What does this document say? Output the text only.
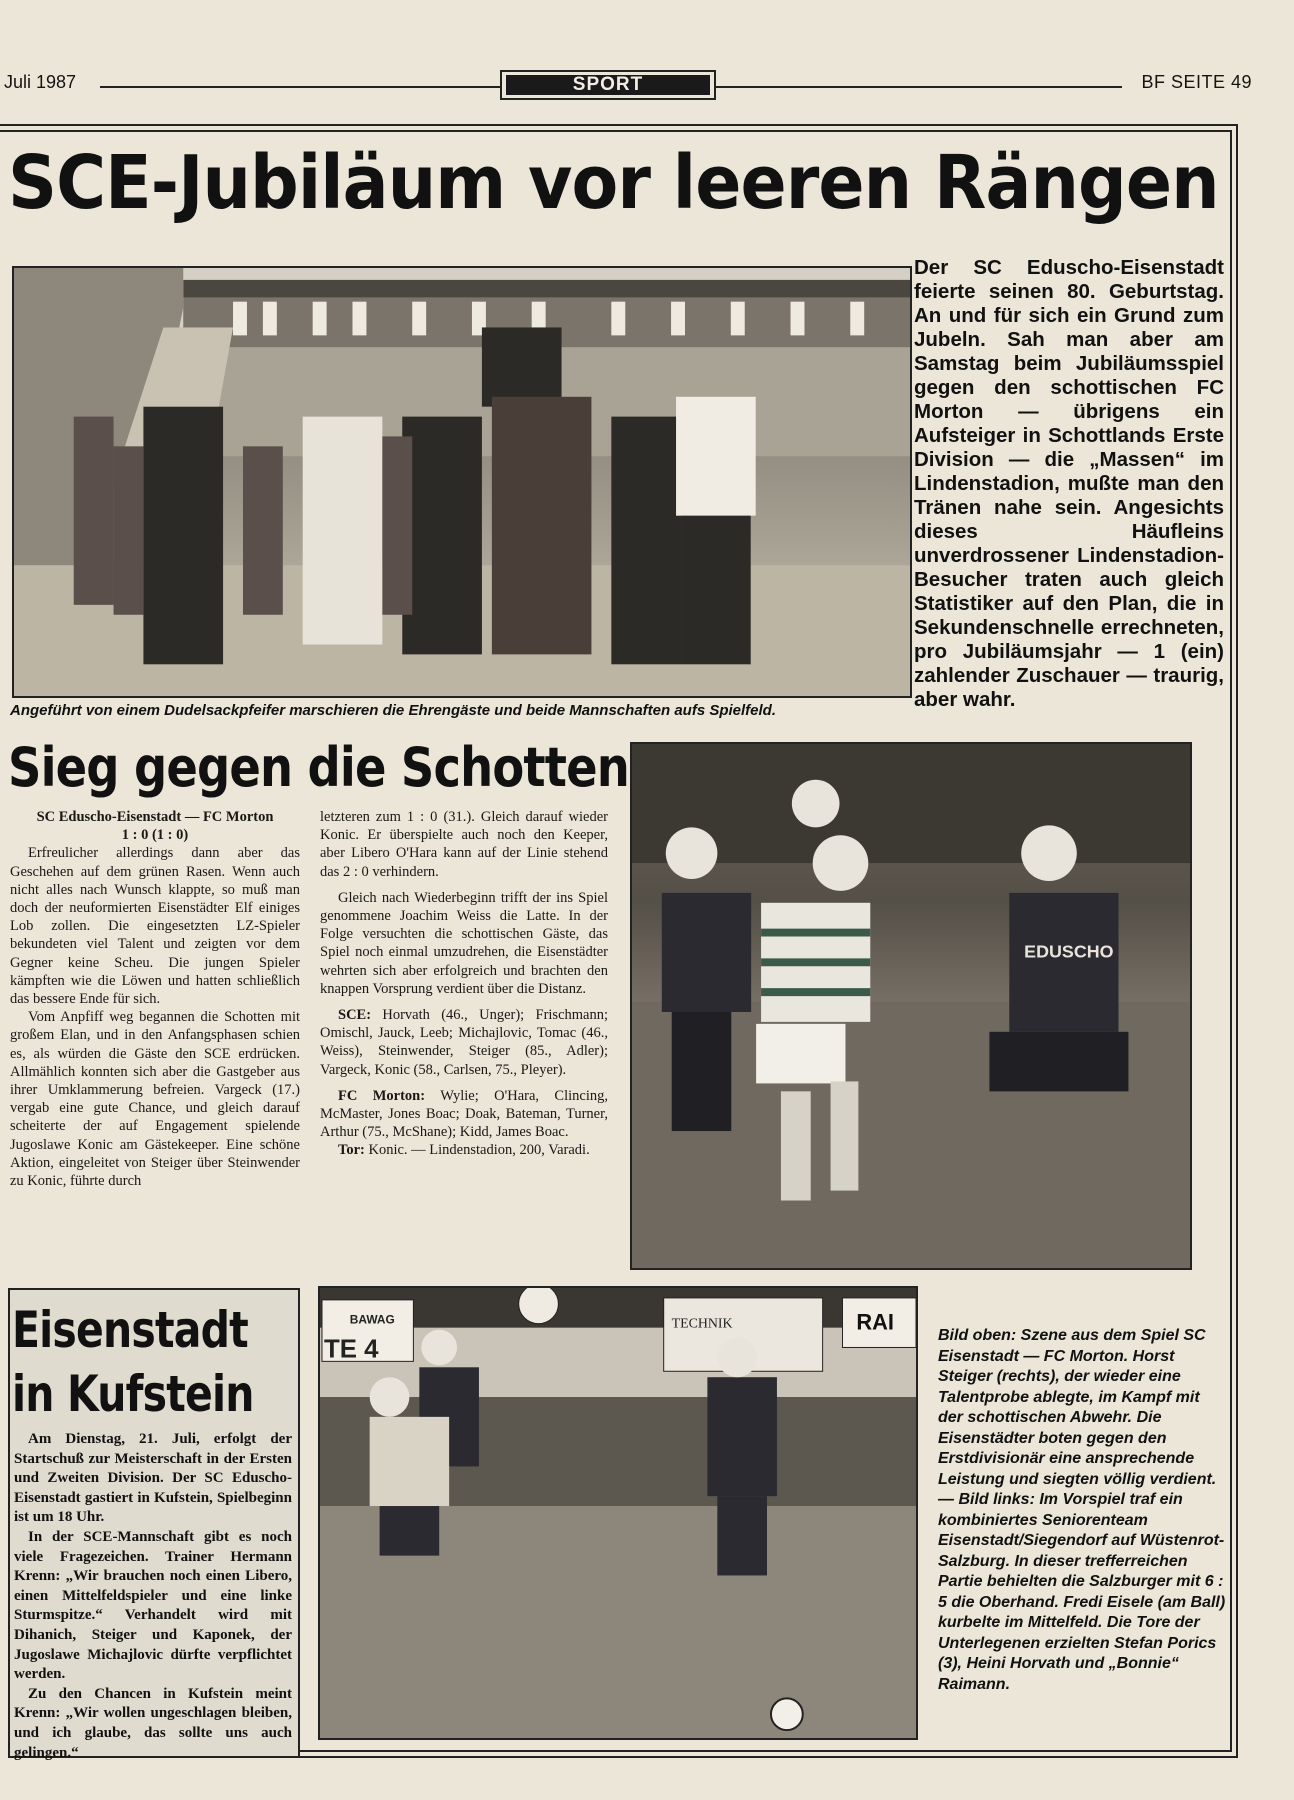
Juli 1987	SPORT	BF SEITE 49
SCE-Jubiläum vor leeren Rängen
Der SC Eduscho-Eisenstadt feierte seinen 80. Geburtstag. An und für sich ein Grund zum Jubeln. Sah man aber am Samstag beim Jubiläumsspiel gegen den schottischen FC Morton — übrigens ein Aufsteiger in Schottlands Erste Division — die „Massen“ im Lindenstadion, mußte man den Tränen nahe sein. Angesichts dieses Häufleins unverdrossener Lindenstadion-Besucher traten auch gleich Statistiker auf den Plan, die in Sekundenschnelle errechneten, pro Jubiläumsjahr — 1 (ein) zahlender Zuschauer — traurig, aber wahr.
Angeführt von einem Dudelsackpfeifer marschieren die Ehrengäste und beide Mannschaften aufs Spielfeld.
Sieg gegen die Schotten
EDUSCHO

SC Eduscho-Eisenstadt — FC Morton

1 : 0 (1 : 0)

Erfreulicher allerdings dann aber das Geschehen auf dem grünen Rasen. Wenn auch nicht alles nach Wunsch klappte, so muß man doch der neuformierten Eisenstädter Elf einiges Lob zollen. Die eingesetzten LZ-Spieler bekundeten viel Talent und zeigten vor dem Gegner keine Scheu. Die jungen Spieler kämpften wie die Löwen und hatten schließlich das bessere Ende für sich.

Vom Anpfiff weg begannen die Schotten mit großem Elan, und in den Anfangsphasen schien es, als würden die Gäste den SCE erdrücken. Allmählich konnten sich aber die Gastgeber aus ihrer Umklammerung befreien. Vargeck (17.) vergab eine gute Chance, und gleich darauf scheiterte der auf Engagement spielende Jugoslawe Konic am Gästekeeper. Eine schöne Aktion, eingeleitet von Steiger über Steinwender zu Konic, führte durch

letzteren zum 1 : 0 (31.). Gleich darauf wieder Konic. Er überspielte auch noch den Keeper, aber Libero O'Hara kann auf der Linie stehend das 2 : 0 verhindern.

Gleich nach Wiederbeginn trifft der ins Spiel genommene Joachim Weiss die Latte. In der Folge versuchten die schottischen Gäste, das Spiel noch einmal umzudrehen, die Eisenstädter wehrten sich aber erfolgreich und brachten den knappen Vorsprung verdient über die Distanz.

SCE: Horvath (46., Unger); Frischmann; Omischl, Jauck, Leeb; Michajlovic, Tomac (46., Weiss), Steinwender, Steiger (85., Adler); Vargeck, Konic (58., Carlsen, 75., Pleyer).

FC Morton: Wylie; O'Hara, Clincing, McMaster, Jones Boac; Doak, Bateman, Turner, Arthur (75., McShane); Kidd, James Boac.

Tor: Konic. — Lindenstadion, 200, Varadi.

Eisenstadt
in Kufstein

Am Dienstag, 21. Juli, erfolgt der Startschuß zur Meisterschaft in der Ersten und Zweiten Division. Der SC Eduscho-Eisenstadt gastiert in Kufstein, Spielbeginn ist um 18 Uhr.

In der SCE-Mannschaft gibt es noch viele Fragezeichen. Trainer Hermann Krenn: „Wir brauchen noch einen Libero, einen Mittelfeldspieler und eine linke Sturmspitze.“ Verhandelt wird mit Dihanich, Steiger und Kaponek, der Jugoslawe Michajlovic dürfte verpflichtet werden.

Zu den Chancen in Kufstein meint Krenn: „Wir wollen ungeschlagen bleiben, und ich glaube, das sollte uns auch gelingen.“

BAWAG
TE 4
TECHNIK	RAI
Bild oben: Szene aus dem Spiel SC Eisenstadt — FC Morton. Horst Steiger (rechts), der wieder eine Talentprobe ablegte, im Kampf mit der schottischen Abwehr. Die Eisenstädter boten gegen den Erstdivisionär eine ansprechende Leistung und siegten völlig verdient. — Bild links: Im Vorspiel traf ein kombiniertes Seniorenteam Eisenstadt/Siegendorf auf Wüstenrot-Salzburg. In dieser trefferreichen Partie behielten die Salzburger mit 6 : 5 die Oberhand. Fredi Eisele (am Ball) kurbelte im Mittelfeld. Die Tore der Unterlegenen erzielten Stefan Porics (3), Heini Horvath und „Bonnie“ Raimann.
